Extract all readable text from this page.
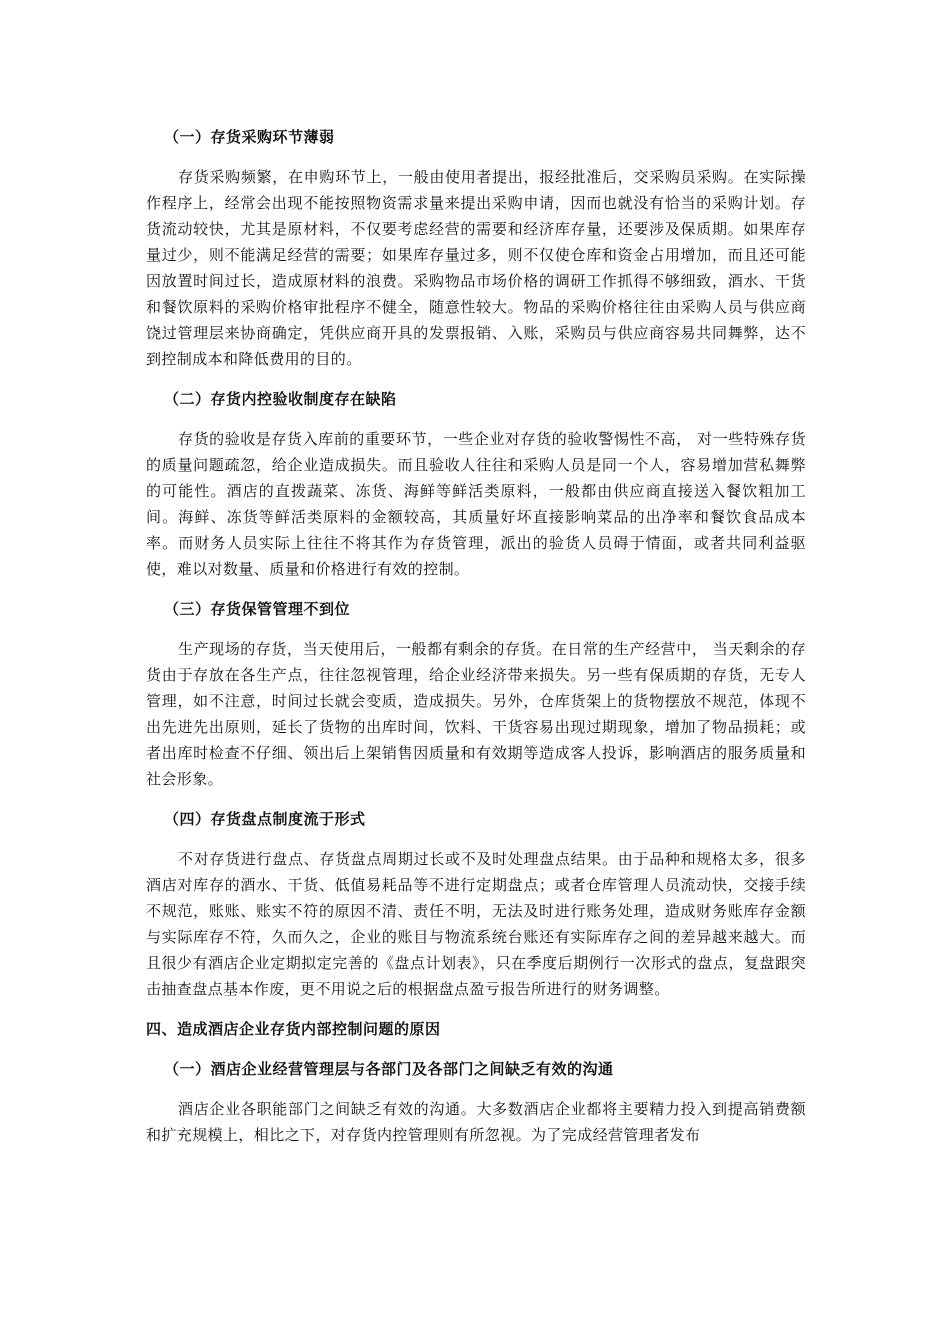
（一）存货采购环节薄弱

存货采购频繁，在申购环节上，一般由使用者提出，报经批准后，交采购员采购。在实际操作程序上，经常会出现不能按照物资需求量来提出采购申请，因而也就没有恰当的采购计划。存货流动较快，尤其是原材料，不仅要考虑经营的需要和经济库存量，还要涉及保质期。如果库存量过少，则不能满足经营的需要；如果库存量过多，则不仅使仓库和资金占用增加，而且还可能因放置时间过长，造成原材料的浪费。采购物品市场价格的调研工作抓得不够细致，酒水、干货和餐饮原料的采购价格审批程序不健全，随意性较大。物品的采购价格往往由采购人员与供应商饶过管理层来协商确定，凭供应商开具的发票报销、入账，采购员与供应商容易共同舞弊，达不到控制成本和降低费用的目的。

（二）存货内控验收制度存在缺陷

存货的验收是存货入库前的重要环节，一些企业对存货的验收警惕性不高， 对一些特殊存货的质量问题疏忽，给企业造成损失。而且验收人往往和采购人员是同一个人，容易增加营私舞弊的可能性。酒店的直拨蔬菜、冻货、海鲜等鲜活类原料，一般都由供应商直接送入餐饮粗加工间。海鲜、冻货等鲜活类原料的金额较高，其质量好坏直接影响菜品的出净率和餐饮食品成本率。而财务人员实际上往往不将其作为存货管理，派出的验货人员碍于情面，或者共同利益驱使，难以对数量、质量和价格进行有效的控制。

（三）存货保管管理不到位

生产现场的存货，当天使用后，一般都有剩余的存货。在日常的生产经营中， 当天剩余的存货由于存放在各生产点，往往忽视管理，给企业经济带来损失。另一些有保质期的存货，无专人管理，如不注意，时间过长就会变质，造成损失。另外，仓库货架上的货物摆放不规范，体现不出先进先出原则，延长了货物的出库时间，饮料、干货容易出现过期现象，增加了物品损耗；或者出库时检查不仔细、领出后上架销售因质量和有效期等造成客人投诉，影响酒店的服务质量和社会形象。

（四）存货盘点制度流于形式

不对存货进行盘点、存货盘点周期过长或不及时处理盘点结果。由于品种和规格太多，很多酒店对库存的酒水、干货、低值易耗品等不进行定期盘点；或者仓库管理人员流动快，交接手续不规范，账账、账实不符的原因不清、责任不明，无法及时进行账务处理，造成财务账库存金额与实际库存不符，久而久之，企业的账目与物流系统台账还有实际库存之间的差异越来越大。而且很少有酒店企业定期拟定完善的《盘点计划表》，只在季度后期例行一次形式的盘点，复盘跟突击抽查盘点基本作废，更不用说之后的根据盘点盈亏报告所进行的财务调整。

四、造成酒店企业存货内部控制问题的原因
（一）酒店企业经营管理层与各部门及各部门之间缺乏有效的沟通

酒店企业各职能部门之间缺乏有效的沟通。大多数酒店企业都将主要精力投入到提高销费额和扩充规模上，相比之下，对存货内控管理则有所忽视。为了完成经营管理者发布
